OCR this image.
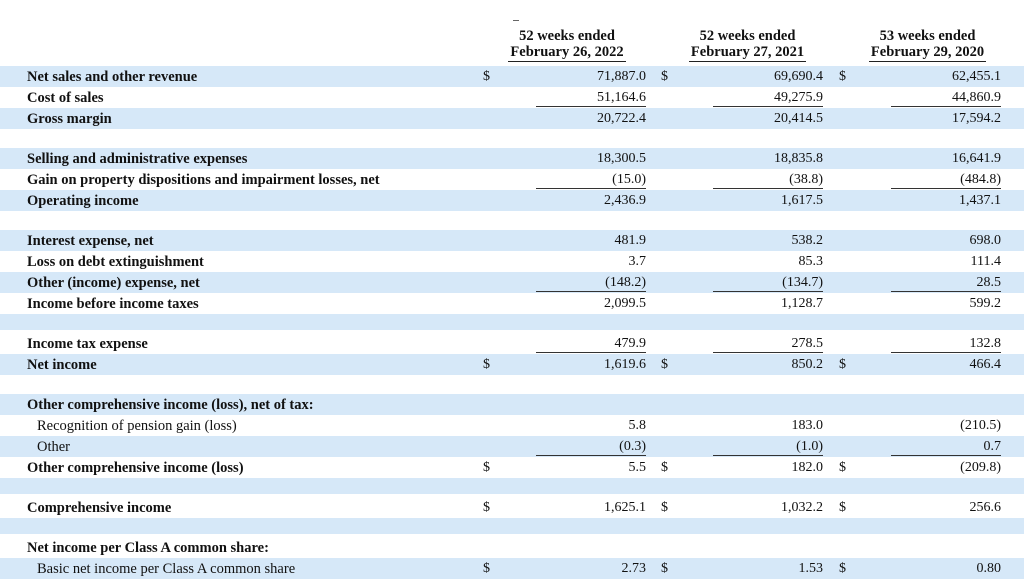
52 weeks ended
February 26, 2022
52 weeks ended
February 27, 2021
53 weeks ended
February 29, 2020
Net sales and other revenue	$	71,887.0 $	69,690.4 $	62,455.1
Cost of sales	51,164.6	49,275.9	44,860.9
Gross margin	20,722.4	20,414.5	17,594.2
Selling and administrative expenses	18,300.5	18,835.8	16,641.9
Gain on property dispositions and impairment losses, net	(15.0)	(38.8)	(484.8)
Operating income	2,436.9	1,617.5	1,437.1
Interest expense, net	481.9	538.2	698.0
Loss on debt extinguishment	3.7	85.3	111.4
Other (income) expense, net	(148.2)	(134.7)	28.5
Income before income taxes	2,099.5	1,128.7	599.2
Income tax expense	479.9	278.5	132.8
Net income	$	1,619.6 $	850.2 $	466.4
Other comprehensive income (loss), net of tax:
Recognition of pension gain (loss)	5.8	183.0	(210.5)
Other	(0.3)	(1.0)	0.7
Other comprehensive income (loss)	$	5.5 $	182.0 $	(209.8)
Comprehensive income	$	1,625.1 $	1,032.2 $	256.6
Net income per Class A common share:
Basic net income per Class A common share	$	2.73 $	1.53 $	0.80
